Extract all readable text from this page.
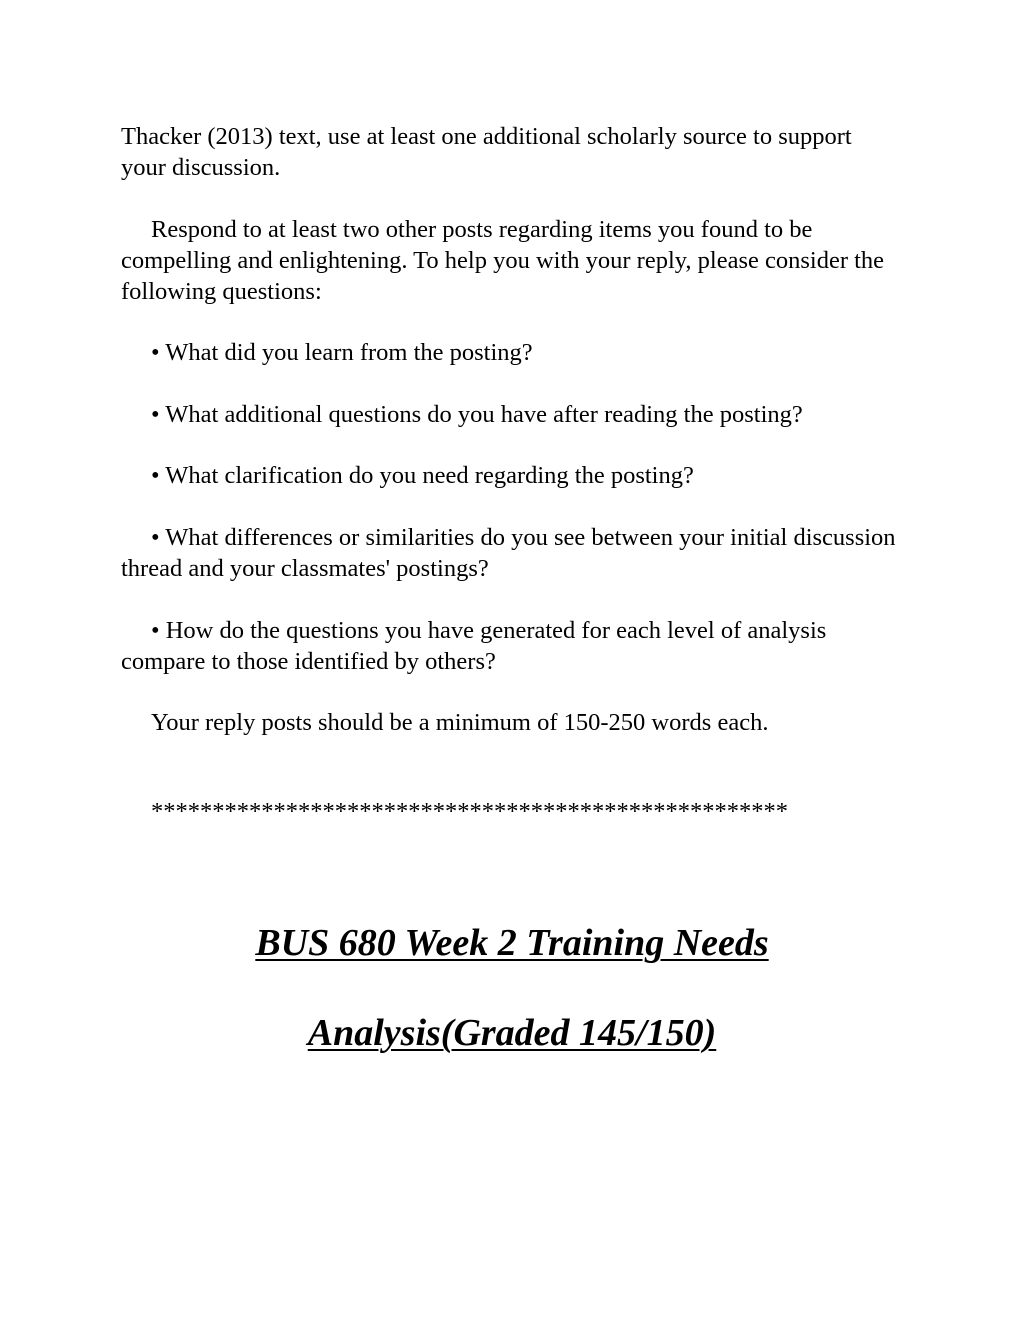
Thacker (2013) text, use at least one additional scholarly source to support your discussion.

Respond to at least two other posts regarding items you found to be compelling and enlightening. To help you with your reply, please consider the following questions:

• What did you learn from the posting?

• What additional questions do you have after reading the posting?

• What clarification do you need regarding the posting?

• What differences or similarities do you see between your initial discussion thread and your classmates' postings?

• How do the questions you have generated for each level of analysis compare to those identified by others?

Your reply posts should be a minimum of 150-250 words each.

****************************************************

BUS 680 Week 2 Training Needs

Analysis(Graded 145/150)
